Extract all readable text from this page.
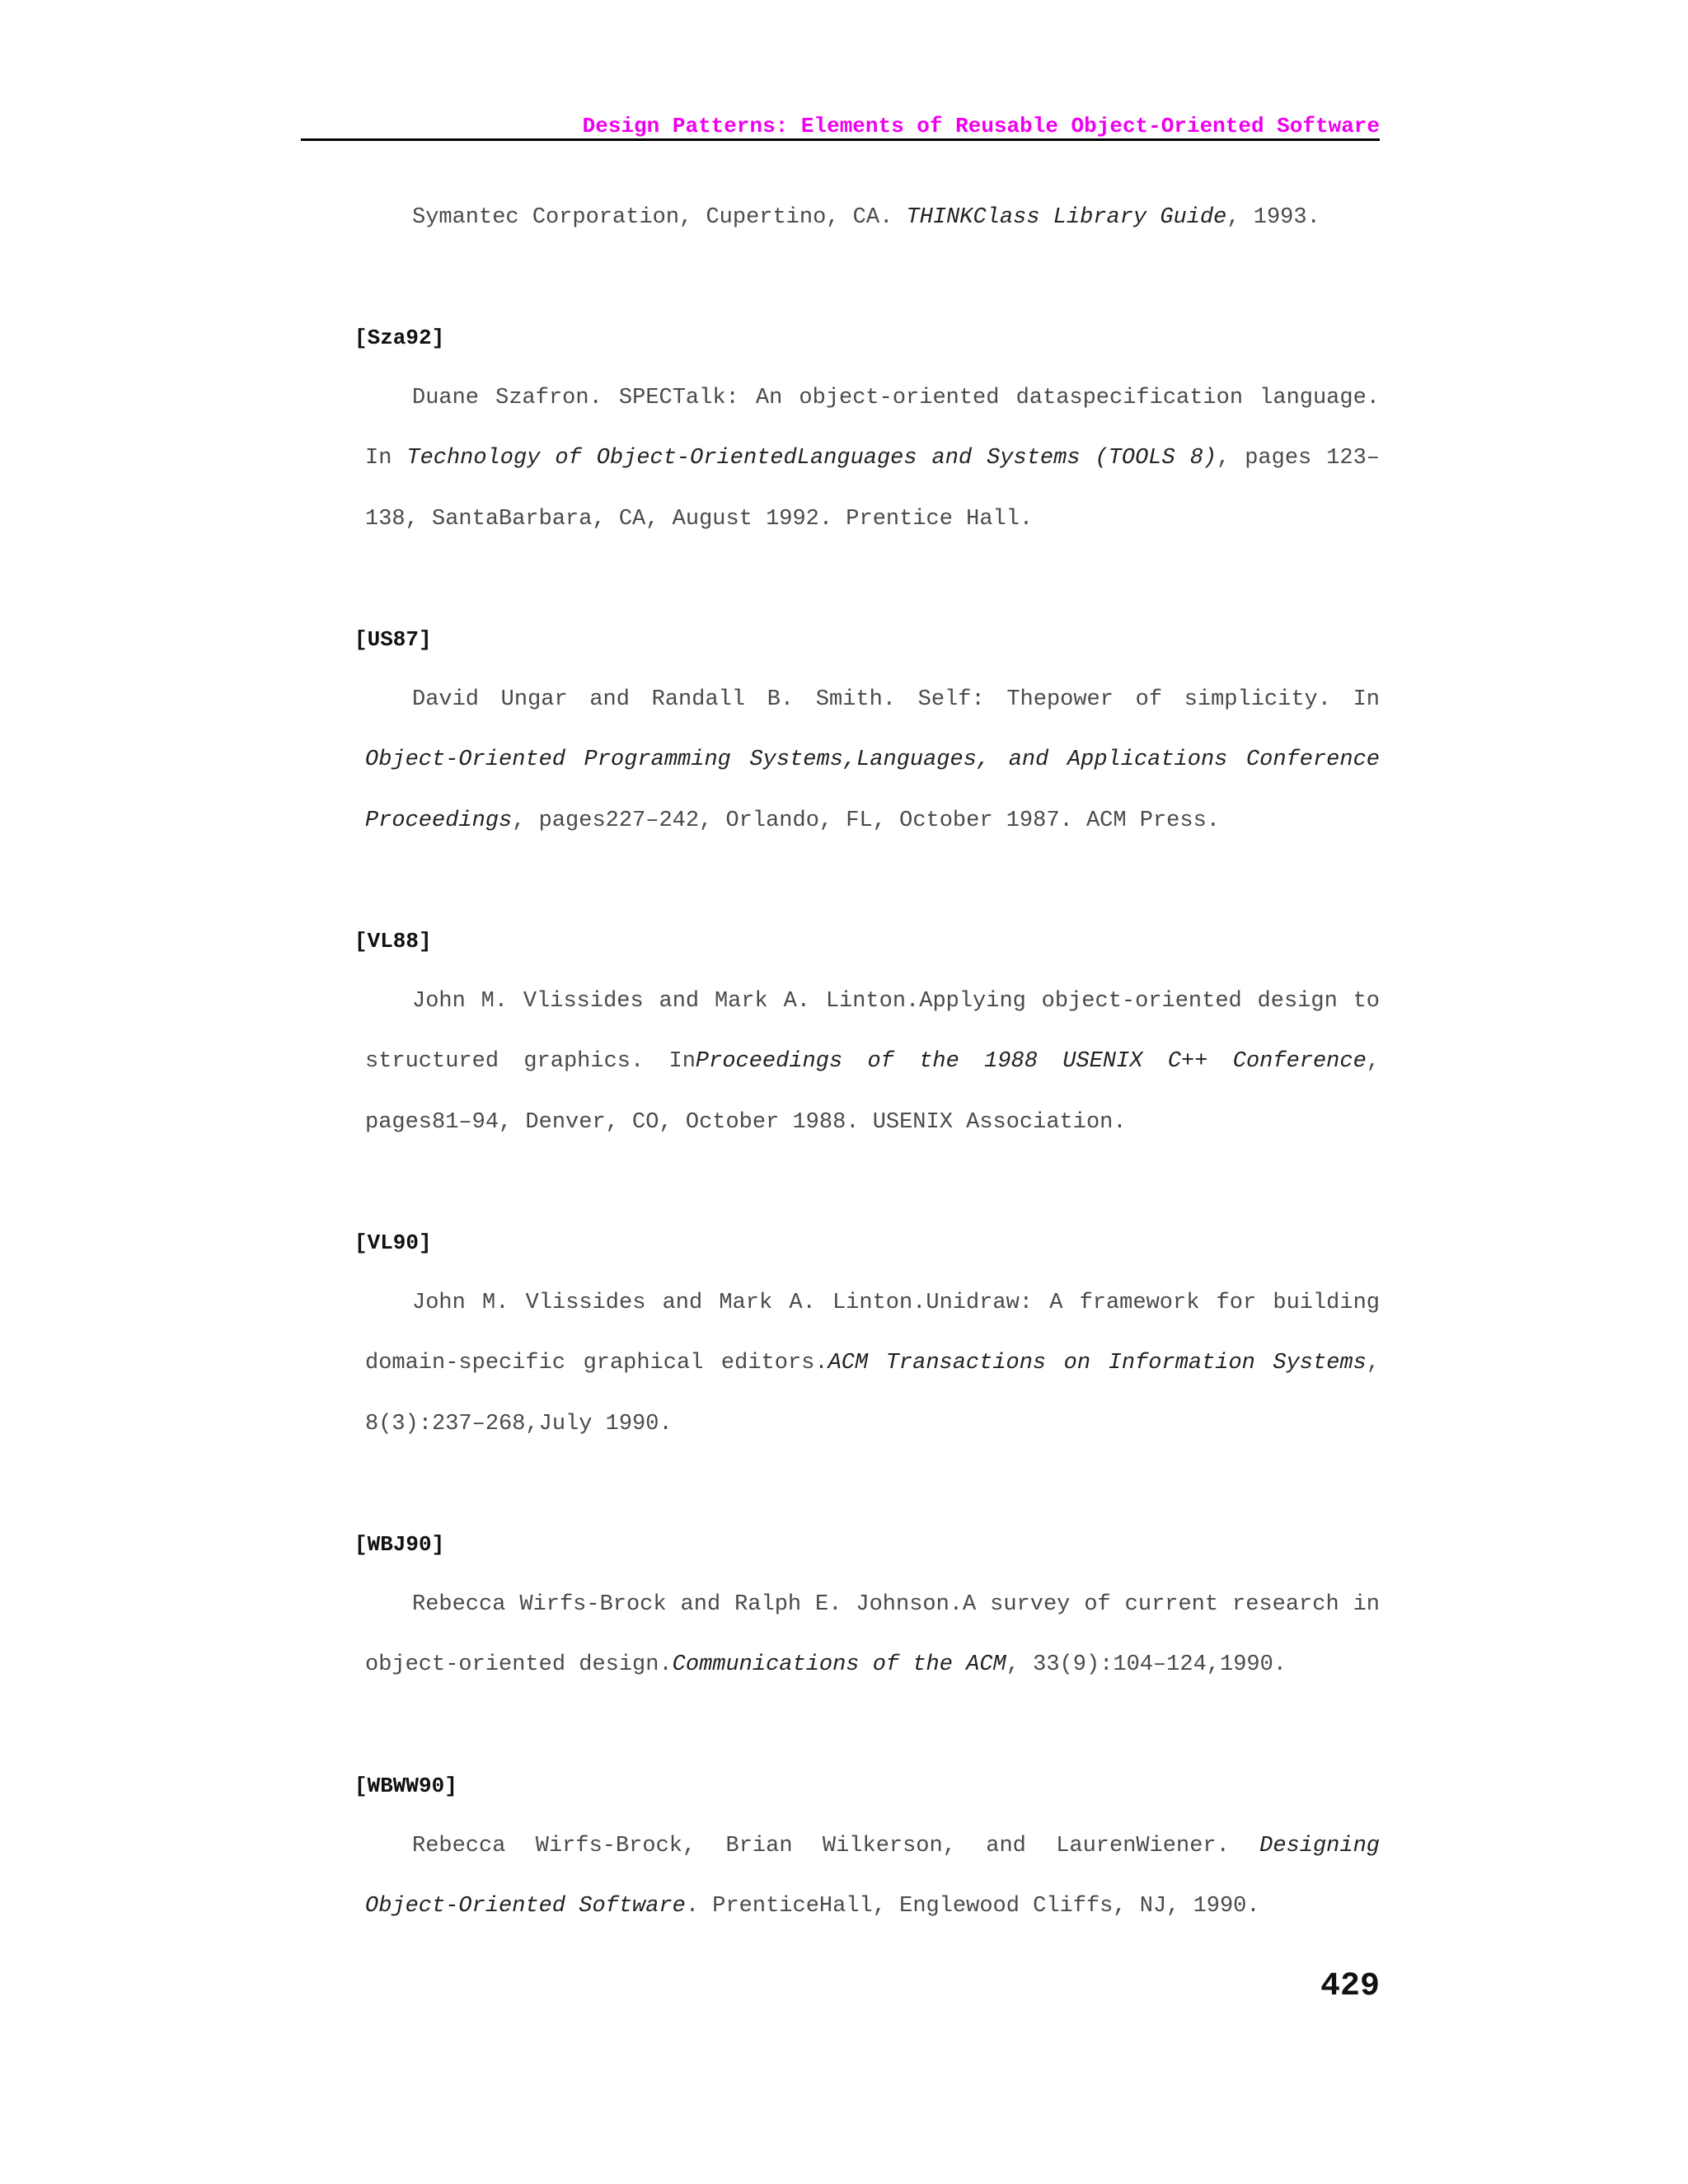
Design Patterns: Elements of Reusable Object-Oriented Software

Symantec Corporation, Cupertino, CA. THINKClass Library Guide, 1993.

[Sza92]

Duane Szafron. SPECTalk: An object-oriented dataspecification language. In Technology of Object-OrientedLanguages and Systems (TOOLS 8), pages 123–138, SantaBarbara, CA, August 1992. Prentice Hall.

[US87]

David Ungar and Randall B. Smith. Self: Thepower of simplicity. In Object-Oriented Programming Systems,Languages, and Applications Conference Proceedings, pages227–242, Orlando, FL, October 1987. ACM Press.

[VL88]

John M. Vlissides and Mark A. Linton.Applying object-oriented design to structured graphics. InProceedings of the 1988 USENIX C++ Conference, pages81–94, Denver, CO, October 1988. USENIX Association.

[VL90]

John M. Vlissides and Mark A. Linton.Unidraw: A framework for building domain-specific graphical editors.ACM Transactions on Information Systems, 8(3):237–268,July 1990.

[WBJ90]

Rebecca Wirfs-Brock and Ralph E. Johnson.A survey of current research in object-oriented design.Communications of the ACM, 33(9):104–124,1990.

[WBWW90]

Rebecca Wirfs-Brock, Brian Wilkerson, and LaurenWiener. Designing Object-Oriented Software. PrenticeHall, Englewood Cliffs, NJ, 1990.

429
